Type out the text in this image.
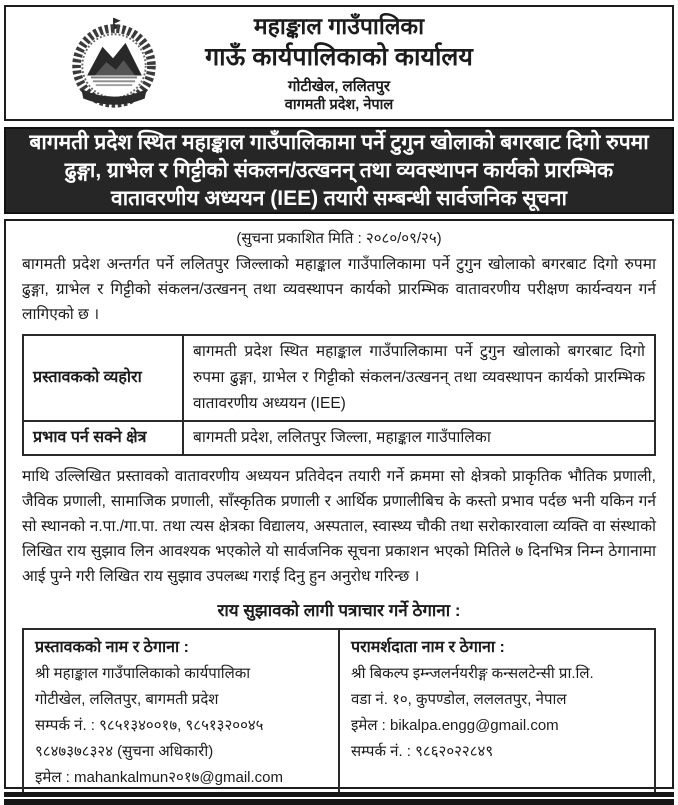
महाङ्काल गाउँपालिका
गाऊँ कार्यपालिकाको कार्यालय
गोटीखेल, ललितपुर
वागमती प्रदेश, नेपाल
बागमती प्रदेश स्थित महाङ्काल गाउँपालिकामा पर्ने टुगुन खोलाको बगरबाट दिगो रुपमा ढुङ्गा, ग्राभेल र गिट्टीको संकलन/उत्खनन् तथा व्यवस्थापन कार्यको प्रारम्भिक वातावरणीय अध्ययन (IEE) तयारी सम्बन्धी सार्वजनिक सूचना
(सुचना प्रकाशित मिति : २०८०/०९/२५)

बागमती प्रदेश अन्तर्गत पर्ने ललितपुर जिल्लाको महाङ्काल गाउँपालिकामा पर्ने टुगुन खोलाको बगरबाट दिगो रुपमा ढुङ्गा, ग्राभेल र गिट्टीको संकलन/उत्खनन् तथा व्यवस्थापन कार्यको प्रारम्भिक वातावरणीय परीक्षण कार्यन्वयन गर्न लागिएको छ ।

प्रस्तावकको व्यहोरा	बागमती प्रदेश स्थित महाङ्काल गाउँपालिकामा पर्ने टुगुन खोलाको बगरबाट दिगो रुपमा ढुङ्गा, ग्राभेल र गिट्टीको संकलन/उत्खनन् तथा व्यवस्थापन कार्यको प्रारम्भिक वातावरणीय अध्ययन (IEE)
प्रभाव पर्न सक्ने क्षेत्र	बागमती प्रदेश, ललितपुर जिल्ला, महाङ्काल गाउँपालिका

माथि उल्लिखित प्रस्तावको वातावरणीय अध्ययन प्रतिवेदन तयारी गर्ने क्रममा सो क्षेत्रको प्राकृतिक भौतिक प्रणाली, जैविक प्रणाली, सामाजिक प्रणाली, साँस्कृतिक प्रणाली र आर्थिक प्रणालीबिच के कस्तो प्रभाव पर्दछ भनी यकिन गर्न सो स्थानको न.पा./गा.पा. तथा त्यस क्षेत्रका विद्यालय, अस्पताल, स्वास्थ्य चौकी तथा सरोकारवाला व्यक्ति वा संस्थाको लिखित राय सुझाव लिन आवश्यक भएकोले यो सार्वजनिक सूचना प्रकाशन भएको मितिले ७ दिनभित्र निम्न ठेगानामा आई पुग्ने गरी लिखित राय सुझाव उपलब्ध गराई दिनु हुन अनुरोध गरिन्छ ।

राय सुझावको लागी पत्राचार गर्ने ठेगाना :
प्रस्तावकको नाम र ठेगाना :
श्री महाङ्काल गाउँपालिकाको कार्यपालिका
गोटीखेल, ललितपुर, बागमती प्रदेश
सम्पर्क नं. : ९८५१३४००१७, ९८५१३२००४५
९८४७३७८३२४ (सुचना अधिकारी)
इमेल : mahankalmun२०१७@gmail.com

परामर्शदाता नाम र ठेगाना :
श्री बिकल्प इम्न्जलर्नयरीङ्ग कन्सलटेन्सी प्रा.लि.
वडा नं. १०, कुपण्डोल, लललतपुर, नेपाल
इमेल : bikalpa.engg@gmail.com
सम्पर्क नं. : ९८६२०२२८४९
